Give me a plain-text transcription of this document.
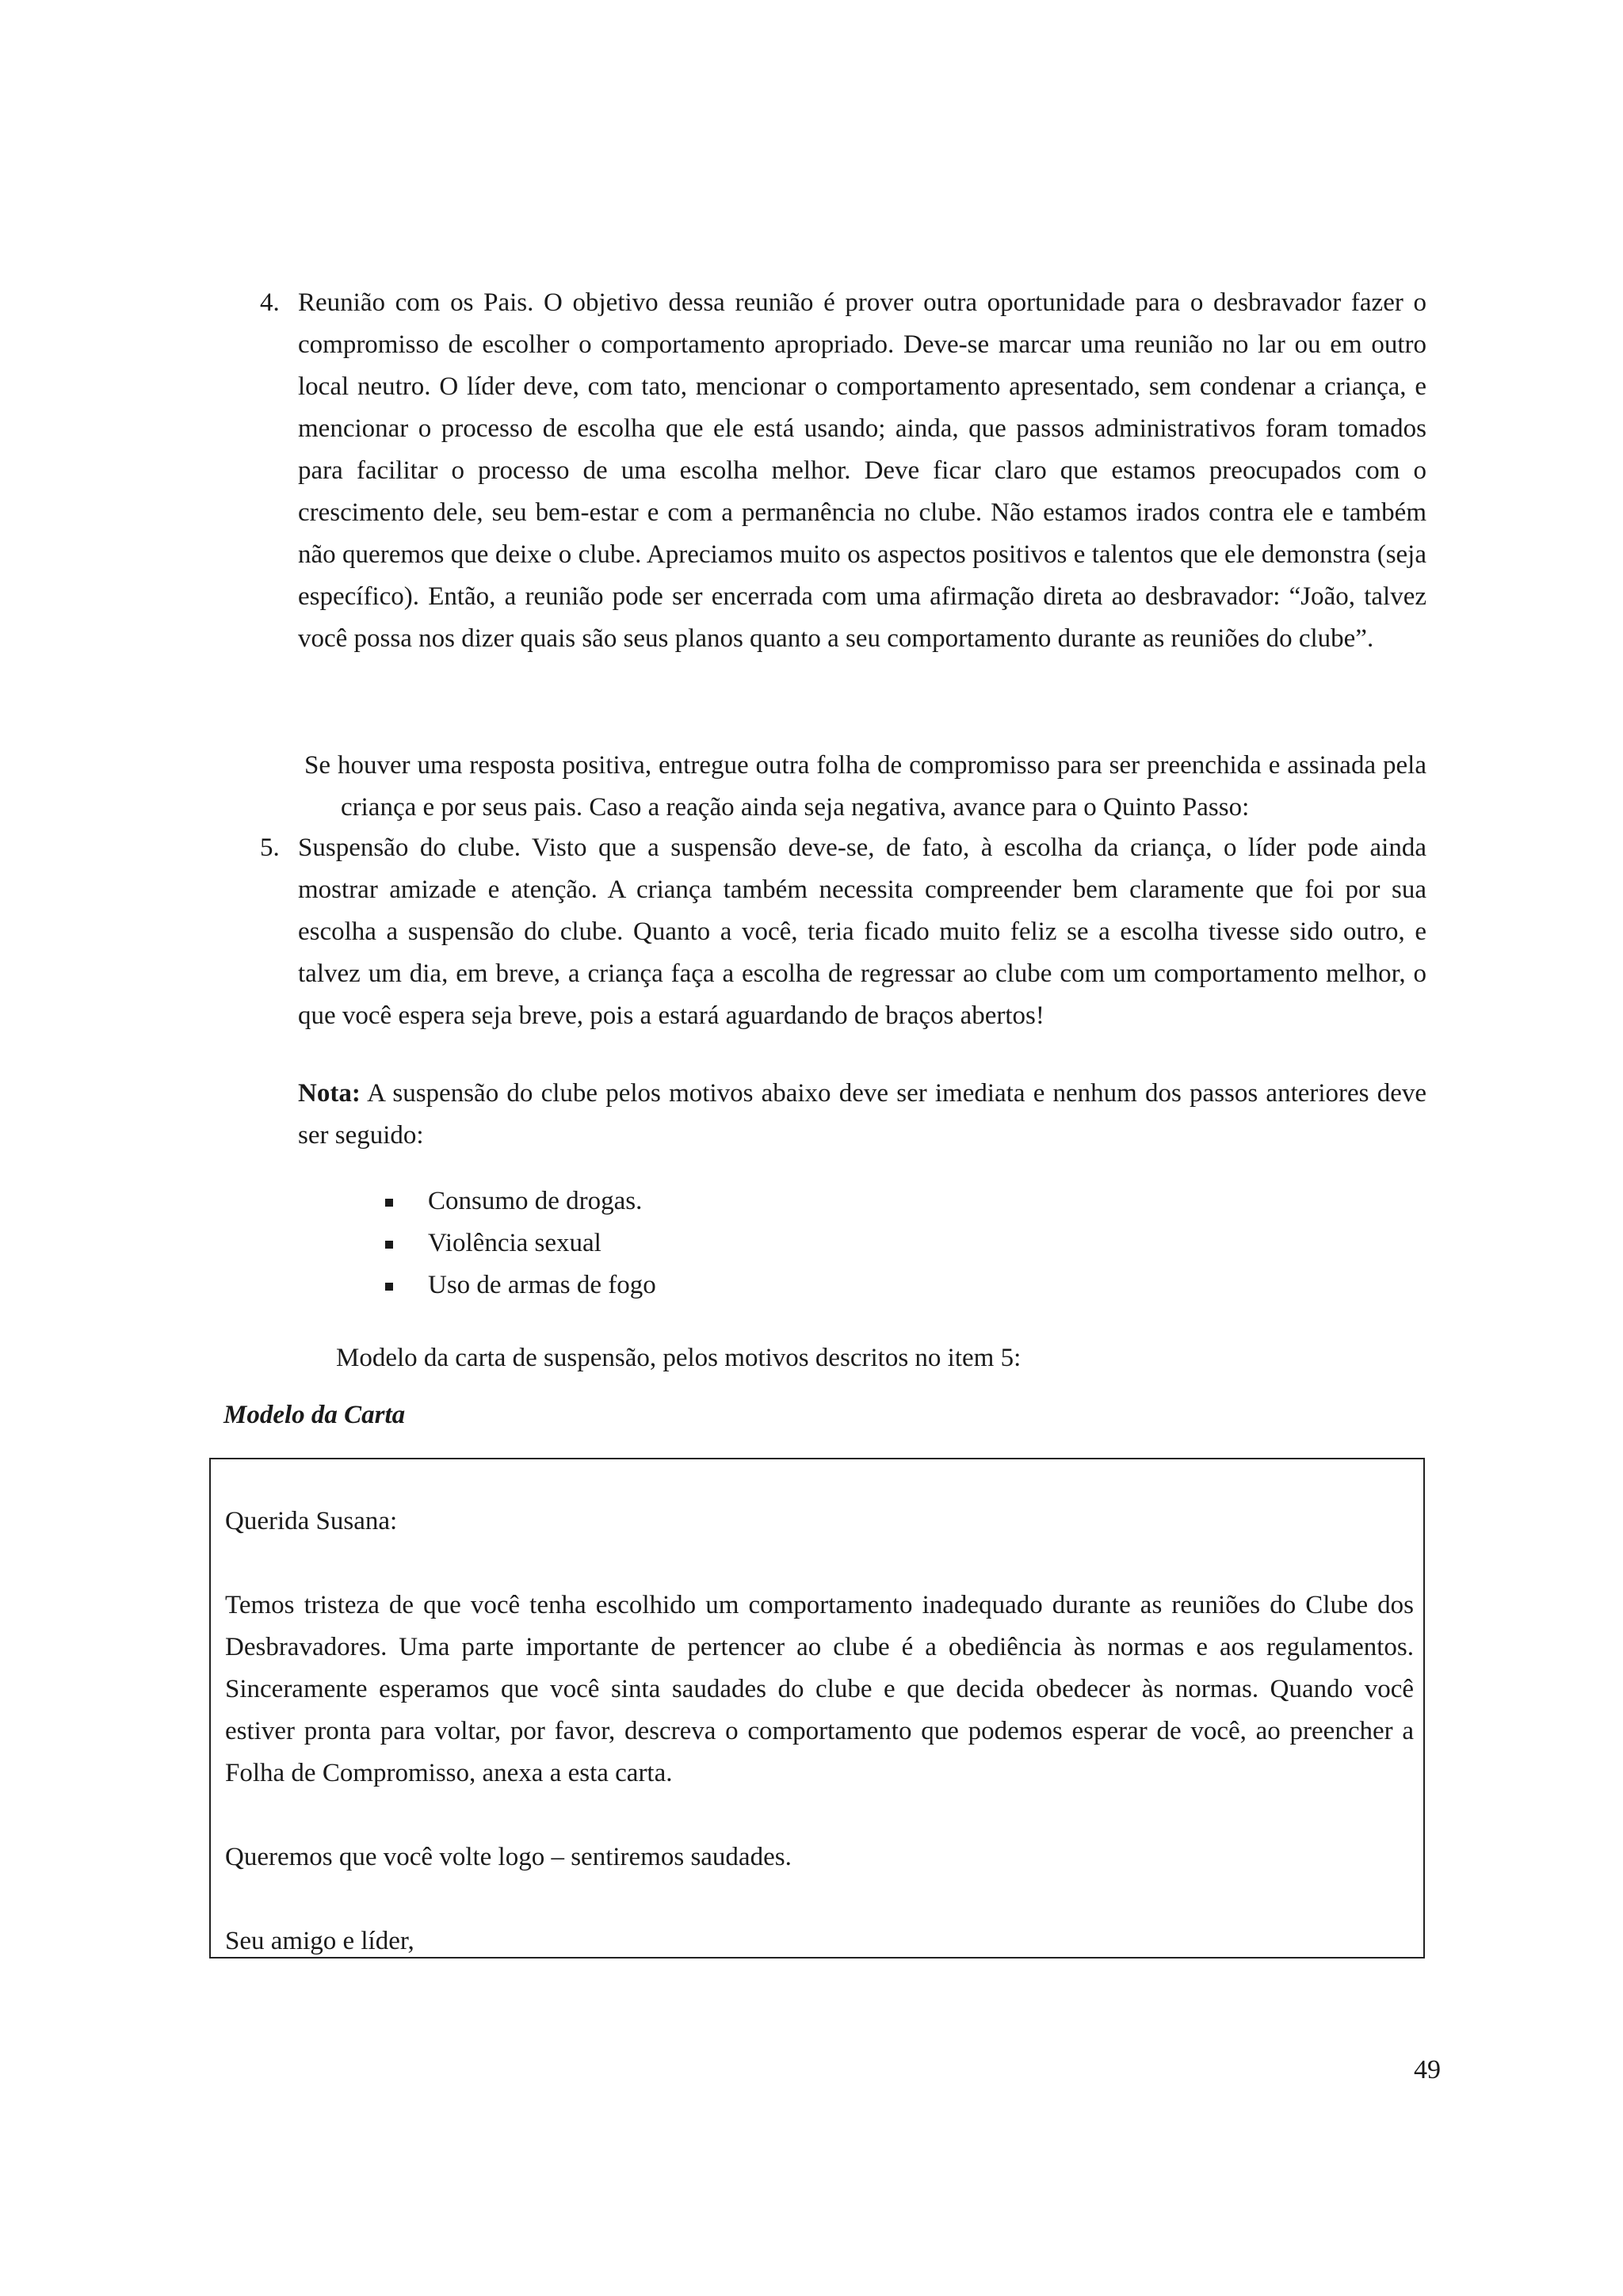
4. Reunião com os Pais. O objetivo dessa reunião é prover outra oportunidade para o desbravador fazer o compromisso de escolher o comportamento apropriado. Deve-se marcar uma reunião no lar ou em outro local neutro. O líder deve, com tato, mencionar o comportamento apresentado, sem condenar a criança, e mencionar o processo de escolha que ele está usando; ainda, que passos administrativos foram tomados para facilitar o processo de uma escolha melhor. Deve ficar claro que estamos preocupados com o crescimento dele, seu bem-estar e com a permanência no clube. Não estamos irados contra ele e também não queremos que deixe o clube. Apreciamos muito os aspectos positivos e talentos que ele demonstra (seja específico). Então, a reunião pode ser encerrada com uma afirmação direta ao desbravador: “João, talvez você possa nos dizer quais são seus planos quanto a seu comportamento durante as reuniões do clube”.
Se houver uma resposta positiva, entregue outra folha de compromisso para ser preenchida e assinada pela criança e por seus pais. Caso a reação ainda seja negativa, avance para o Quinto Passo:
5. Suspensão do clube. Visto que a suspensão deve-se, de fato, à escolha da criança, o líder pode ainda mostrar amizade e atenção. A criança também necessita compreender bem claramente que foi por sua escolha a suspensão do clube. Quanto a você, teria ficado muito feliz se a escolha tivesse sido outro, e talvez um dia, em breve, a criança faça a escolha de regressar ao clube com um comportamento melhor, o que você espera seja breve, pois a estará aguardando de braços abertos!
Nota: A suspensão do clube pelos motivos abaixo deve ser imediata e nenhum dos passos anteriores deve ser seguido:
Consumo de drogas.
Violência sexual
Uso de armas de fogo
Modelo da carta de suspensão, pelos motivos descritos no item 5:
Modelo da Carta

Querida Susana:

Temos tristeza de que você tenha escolhido um comportamento inadequado durante as reuniões do Clube dos Desbravadores. Uma parte importante de pertencer ao clube é a obediência às normas e aos regulamentos. Sinceramente esperamos que você sinta saudades do clube e que decida obedecer às normas. Quando você estiver pronta para voltar, por favor, descreva o comportamento que podemos esperar de você, ao preencher a Folha de Compromisso, anexa a esta carta.

Queremos que você volte logo – sentiremos saudades.

Seu amigo e líder,

49
